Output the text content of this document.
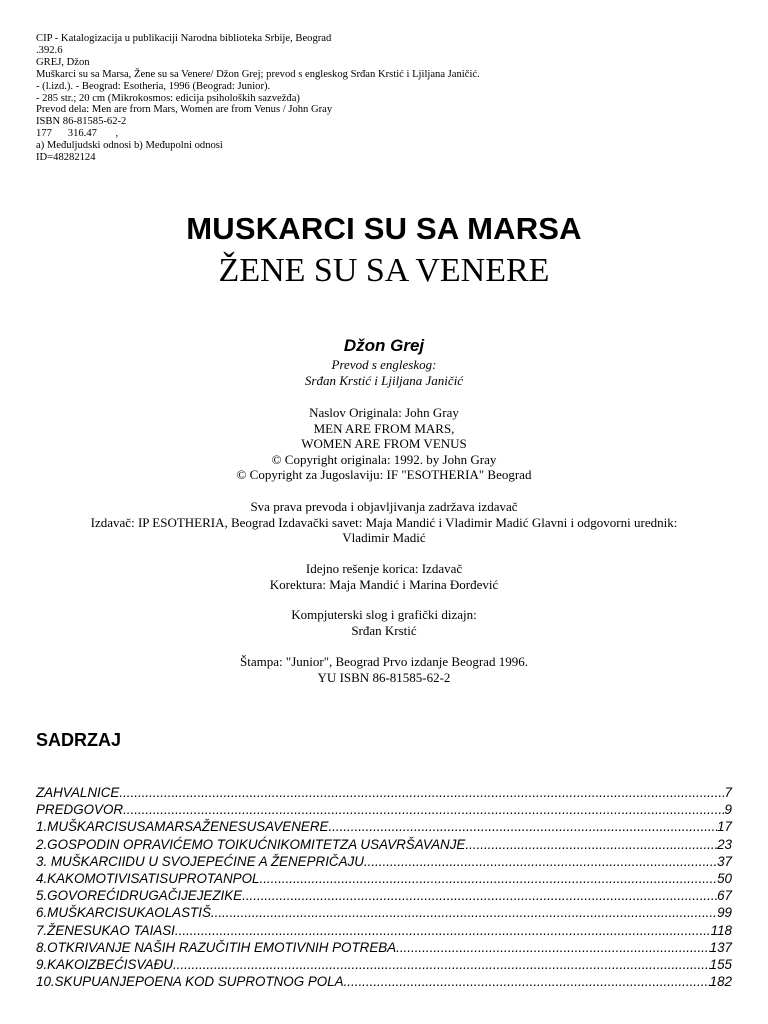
CIP - Katalogizacija u publikaciji Narodna biblioteka Srbije, Beograd
.392.6
GREJ, Džon
Muškarci su sa Marsa, Žene su sa Venere/ Džon Grej; prevod s engleskog Srđan Krstić i Ljiljana Janičić.
- (l.izd.). - Beograd: Esotheria, 1996 (Beograd: Junior).
- 285 str.; 20 cm (Mikrokosmos: edicija psiholoških sazvežđa)
Prevod dela: Men are frorn Mars, Women are from Venus / John Gray
ISBN 86-81585-62-2
177      316.47       ,
a) Međuljudski odnosi b) Međupolni odnosi
ID=48282124
MUSKARCI SU SA MARSA
ŽENE SU SA VENERE
Džon Grej
Prevod s engleskog:
Srđan Krstić i Ljiljana Janičić
Naslov Originala: John Gray
MEN ARE FROM MARS,
WOMEN ARE FROM VENUS
© Copyright originala: 1992. by John Gray
© Copyright za Jugoslaviju: IF "ESOTHERIA" Beograd
Sva prava prevoda i objavljivanja zadržava izdavač
Izdavač: IP ESOTHERIA, Beograd Izdavački savet: Maja Mandić i Vladimir Madić Glavni i odgovorni urednik:
Vladimir Madić
Idejno rešenje korica: Izdavač
Korektura: Maja Mandić i Marina Đorđević
Kompjuterski slog i grafički dizajn:
Srđan Krstić
Štampa: "Junior", Beograd Prvo izdanje Beograd 1996.
YU ISBN 86-81585-62-2
SADRZAJ
ZAHVALNICE .....	7
PREDGOVOR .....	9
1.MUŠKARCISUSAMARSAŽENESUSAVENERE .....	17
2.GOSPODIN OPRAVIĆEMO TOIKUĆNIKOMITETZA USAVRŠAVANJE .....	23
3. MUŠKARCIIDU U SVOJEPEĆINE A ŽENEPRIČAJU .....	37
4.KAKOMOTIVISATISUPROTANPOL .....	50
5.GOVOREĆIDRUGAČIJEJEZIKE .....	67
6.MUŠKARCISUKAOLASTIŠ .....	99
7.ŽENESUKAO TAIASI .....	118
8.OTKRIVANJE NAŠIH RAZUČITIH EMOTIVNIH POTREBA .....	137
9.KAKOIZBEĆISVAĐU .....	155
10.SKUPUANJEPOENA KOD SUPROTNOG POLA .....	182
